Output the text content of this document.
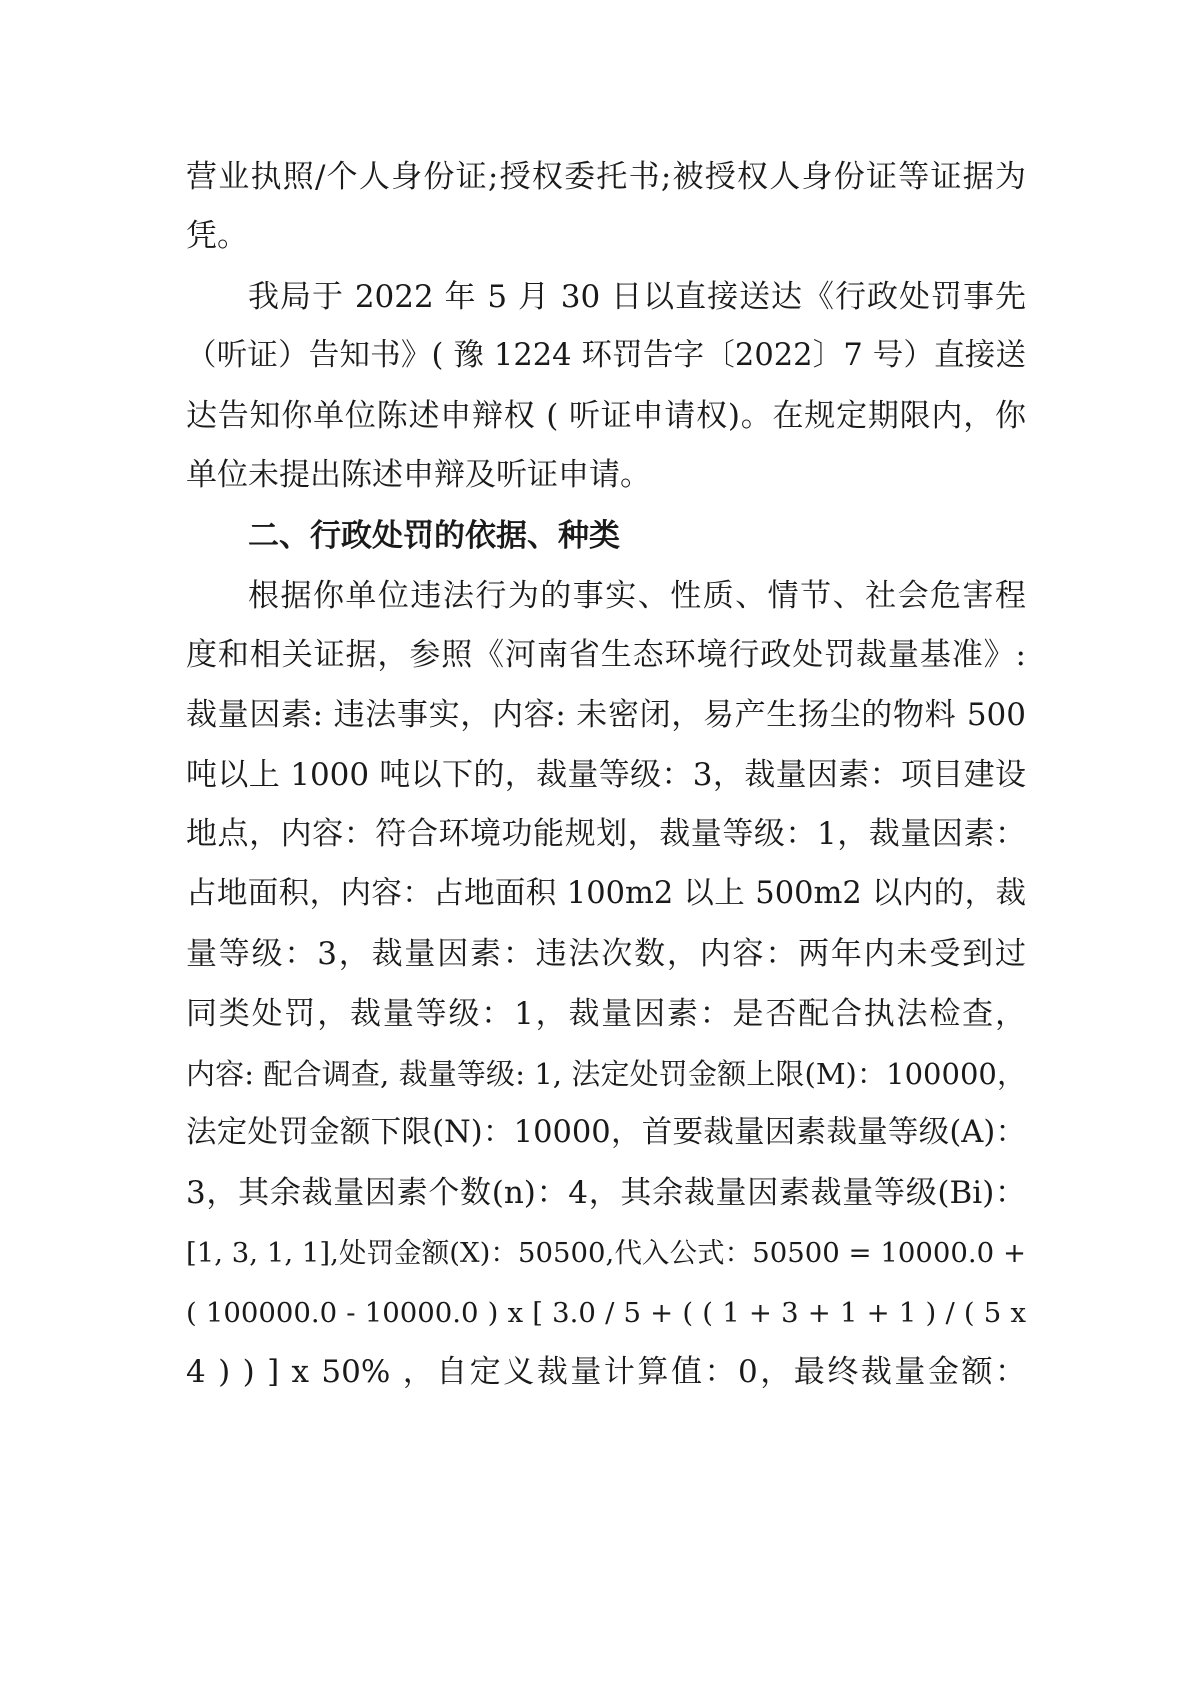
营业执照/个人身份证;授权委托书;被授权人身份证等证据为
凭。
我局于 2022 年 5 月 30 日以直接送达《行政处罚事先
（听证）告知书》( 豫 1224 环罚告字〔2022〕7 号）直接送
达告知你单位陈述申辩权 ( 听证申请权)。在规定期限内，你
单位未提出陈述申辩及听证申请。
二、行政处罚的依据、种类
根据你单位违法行为的事实、性质、情节、社会危害程
度和相关证据，参照《河南省生态环境行政处罚裁量基准》:
裁量因素: 违法事实，内容: 未密闭，易产生扬尘的物料 500
吨以上 1000 吨以下的，裁量等级：3，裁量因素：项目建设
地点，内容：符合环境功能规划，裁量等级：1，裁量因素：
占地面积，内容：占地面积 100m2 以上 500m2 以内的，裁
量等级：3，裁量因素：违法次数，内容：两年内未受到过
同类处罚，裁量等级：1，裁量因素：是否配合执法检查，
内容: 配合调查, 裁量等级: 1, 法定处罚金额上限(M)：100000，
法定处罚金额下限(N)：10000，首要裁量因素裁量等级(A)：
3，其余裁量因素个数(n)：4，其余裁量因素裁量等级(Bi)：
[1, 3, 1, 1],处罚金额(X)：50500,代入公式：50500 = 10000.0 +
( 100000.0 - 10000.0 ) x [ 3.0 / 5 + ( ( 1 + 3 + 1 + 1 ) / ( 5 x
4 ) ) ] x 50% ，自定义裁量计算值：0，最终裁量金额：
